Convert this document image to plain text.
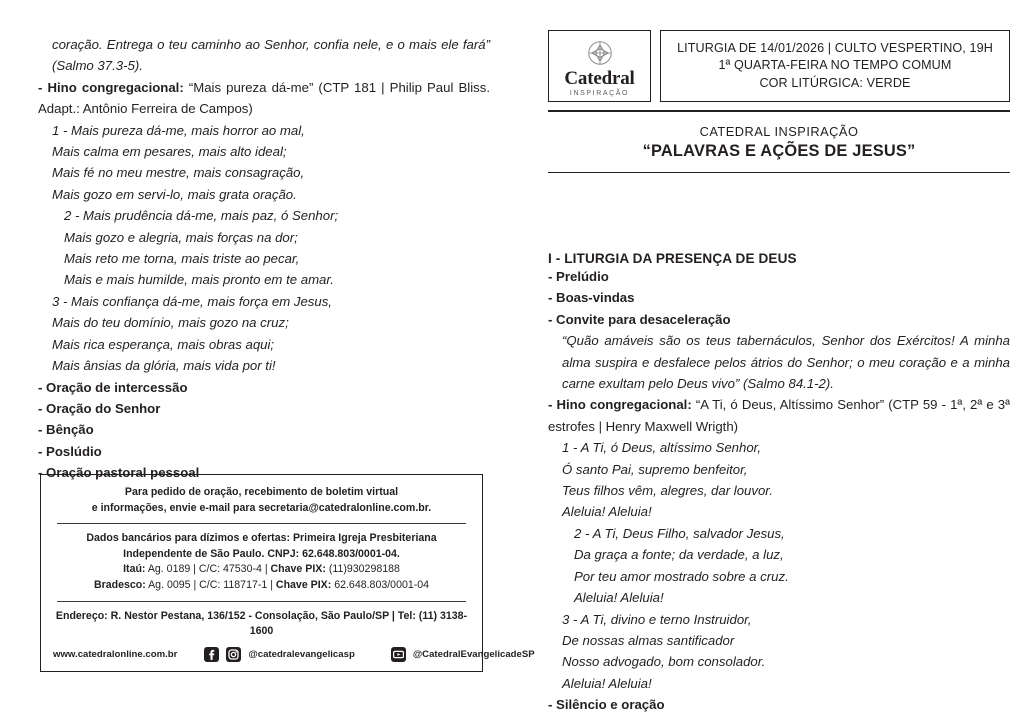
coração. Entrega o teu caminho ao Senhor, confia nele, e o mais ele fará” (Salmo 37.3-5).
- Hino congregacional: “Mais pureza dá-me” (CTP 181 | Philip Paul Bliss. Adapt.: Antônio Ferreira de Campos)
1 - Mais pureza dá-me, mais horror ao mal,
Mais calma em pesares, mais alto ideal;
Mais fé no meu mestre, mais consagração,
Mais gozo em servi-lo, mais grata oração.
2 - Mais prudência dá-me, mais paz, ó Senhor;
Mais gozo e alegria, mais forças na dor;
Mais reto me torna, mais triste ao pecar,
Mais e mais humilde, mais pronto em te amar.
3 - Mais confiança dá-me, mais força em Jesus,
Mais do teu domínio, mais gozo na cruz;
Mais rica esperança, mais obras aqui;
Mais ânsias da glória, mais vida por ti!
- Oração de intercessão
- Oração do Senhor
- Bênção
- Poslúdio
- Oração pastoral pessoal
Para pedido de oração, recebimento de boletim virtual
e informações, envie e-mail para secretaria@catedralonline.com.br.
Dados bancários para dízimos e ofertas: Primeira Igreja Presbiteriana
Independente de São Paulo. CNPJ: 62.648.803/0001-04.
Itaú: Ag. 0189 | C/C: 47530-4 | Chave PIX: (11)930298188
Bradesco: Ag. 0095 | C/C: 118717-1 | Chave PIX: 62.648.803/0001-04
Endereço: R. Nestor Pestana, 136/152 - Consolação, São Paulo/SP | Tel: (11) 3138-1600
www.catedralonline.com.br	@catedralevangelicasp	@CatedralEvangelicadeSP
Catedral
INSPIRAÇÃO
LITURGIA DE 14/01/2026 | CULTO VESPERTINO, 19H
1ª QUARTA-FEIRA NO TEMPO COMUM
COR LITÚRGICA: VERDE
CATEDRAL INSPIRAÇÃO
“PALAVRAS E AÇÕES DE JESUS”
I - LITURGIA DA PRESENÇA DE DEUS
- Prelúdio
- Boas-vindas
- Convite para desaceleração
“Quão amáveis são os teus tabernáculos, Senhor dos Exércitos! A minha alma suspira e desfalece pelos átrios do Senhor; o meu coração e a minha carne exultam pelo Deus vivo” (Salmo 84.1-2).
- Hino congregacional: “A Ti, ó Deus, Altíssimo Senhor” (CTP 59 - 1ª, 2ª e 3ª estrofes | Henry Maxwell Wrigth)
1 - A Ti, ó Deus, altíssimo Senhor,
Ó santo Pai, supremo benfeitor,
Teus filhos vêm, alegres, dar louvor.
Aleluia! Aleluia!
2 - A Ti, Deus Filho, salvador Jesus,
Da graça a fonte; da verdade, a luz,
Por teu amor mostrado sobre a cruz.
Aleluia! Aleluia!
3 - A Ti, divino e terno Instruidor,
De nossas almas santificador
Nosso advogado, bom consolador.
Aleluia! Aleluia!
- Silêncio e oração
